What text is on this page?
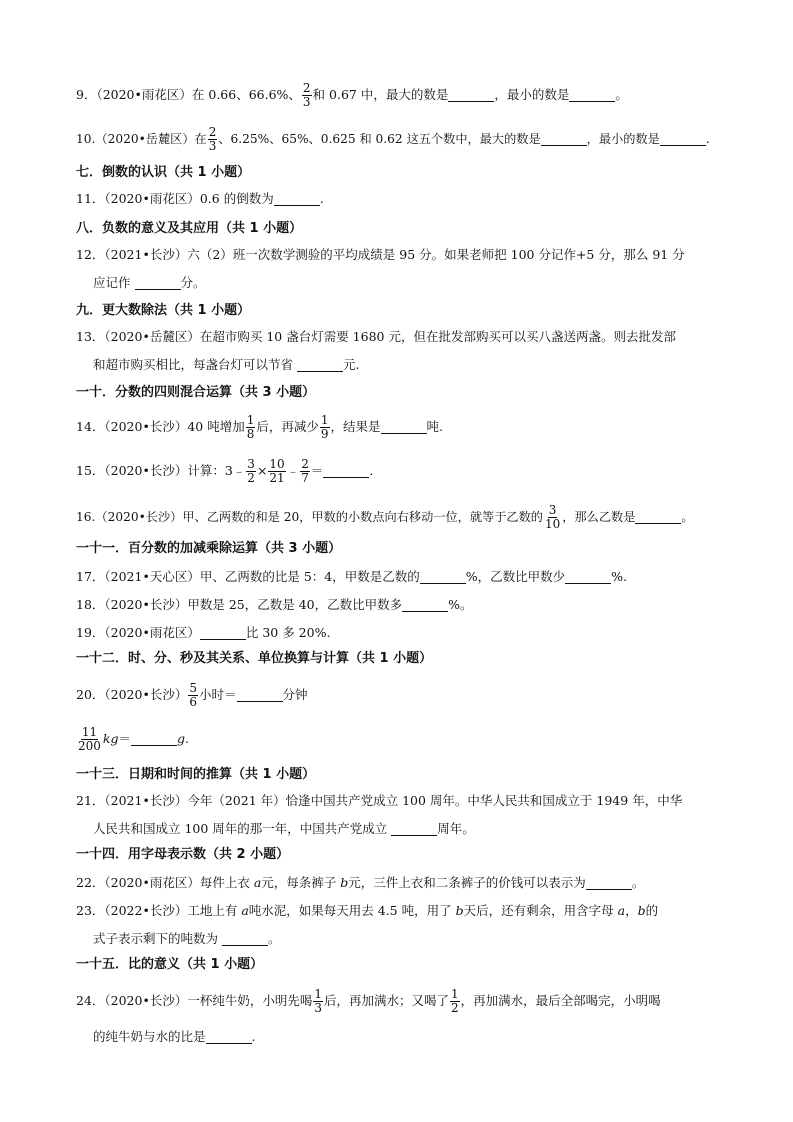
9．（2020•雨花区）在 0.66、66.6%、 $\frac{2}{3}$ 和 0.67 中，最大的数是	，最小的数是	。
10.（2020•岳麓区）在 $\frac{2}{3}$ 、6.25%、65%、0.625 和 0.62 这五个数中，最大的数是	，最小的数是	.
七．倒数的认识（共 1 小题）
11．（2020•雨花区）0.6 的倒数为	.
八．负数的意义及其应用（共 1 小题）
12．（2021•长沙）六（2）班一次数学测验的平均成绩是 95 分。如果老师把 100 分记作+5 分，那么 91 分
应记作	分。
九．更大数除法（共 1 小题）
13．（2020•岳麓区）在超市购买 10 盏台灯需要 1680 元，但在批发部购买可以买八盏送两盏。则去批发部
和超市购买相比，每盏台灯可以节省	元.
一十．分数的四则混合运算（共 3 小题）
14．（2020•长沙）40 吨增加 $\frac{1}{8}$ 后，再减少 $\frac{1}{9}$ ，结果是	吨.
15．（2020•长沙）计算：3﹣ $\frac{3}{2} \times \frac{10}{21}$ ﹣ $\frac{2}{7}$ ＝	.
16.（2020•长沙）甲、乙两数的和是 20，甲数的小数点向右移动一位，就等于乙数的 $\frac{3}{10}$ ，那么乙数是	。
一十一．百分数的加减乘除运算（共 3 小题）
17．（2021•天心区）甲、乙两数的比是 5：4，甲数是乙数的	%，乙数比甲数少	%.
18．（2020•长沙）甲数是 25，乙数是 40，乙数比甲数多	%。
19．（2020•雨花区）	比 30 多 20%.
一十二．时、分、秒及其关系、单位换算与计算（共 1 小题）
20．（2020•长沙） $\frac{5}{6}$ 小时＝	分钟
$\frac{11}{200} kg=$	g.
一十三．日期和时间的推算（共 1 小题）
21．（2021•长沙）今年（2021 年）恰逢中国共产党成立 100 周年。中华人民共和国成立于 1949 年，中华
人民共和国成立 100 周年的那一年，中国共产党成立	周年。
一十四．用字母表示数（共 2 小题）
22．（2020•雨花区）每件上衣 a元，每条裤子 b元，三件上衣和二条裤子的价钱可以表示为	。
23．（2022•长沙）工地上有 a吨水泥，如果每天用去 4.5 吨，用了 b天后，还有剩余，用含字母 a，b的
式子表示剩下的吨数为	。
一十五．比的意义（共 1 小题）
24．（2020•长沙）一杯纯牛奶，小明先喝 $\frac{1}{3}$ 后，再加满水；又喝了 $\frac{1}{2}$ ，再加满水，最后全部喝完，小明喝
的纯牛奶与水的比是	.
